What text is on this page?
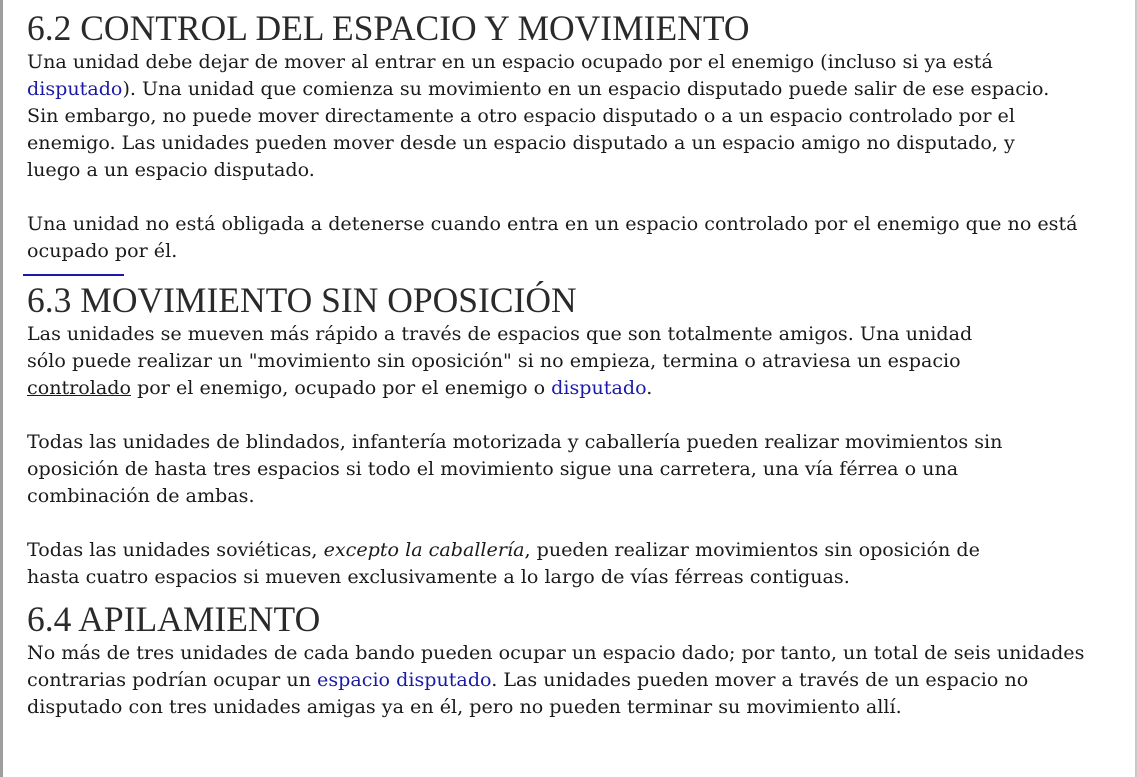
6.2 CONTROL DEL ESPACIO Y MOVIMIENTO

Una unidad debe dejar de mover al entrar en un espacio ocupado por el enemigo (incluso si ya está
disputado). Una unidad que comienza su movimiento en un espacio disputado puede salir de ese espacio.
Sin embargo, no puede mover directamente a otro espacio disputado o a un espacio controlado por el
enemigo. Las unidades pueden mover desde un espacio disputado a un espacio amigo no disputado, y
luego a un espacio disputado.

Una unidad no está obligada a detenerse cuando entra en un espacio controlado por el enemigo que no está
ocupado por él.

6.3 MOVIMIENTO SIN OPOSICIÓN

Las unidades se mueven más rápido a través de espacios que son totalmente amigos. Una unidad
sólo puede realizar un "movimiento sin oposición" si no empieza, termina o atraviesa un espacio
controlado por el enemigo, ocupado por el enemigo o disputado.

Todas las unidades de blindados, infantería motorizada y caballería pueden realizar movimientos sin
oposición de hasta tres espacios si todo el movimiento sigue una carretera, una vía férrea o una
combinación de ambas.

Todas las unidades soviéticas, excepto la caballería, pueden realizar movimientos sin oposición de
hasta cuatro espacios si mueven exclusivamente a lo largo de vías férreas contiguas.

6.4 APILAMIENTO

No más de tres unidades de cada bando pueden ocupar un espacio dado; por tanto, un total de seis unidades
contrarias podrían ocupar un espacio disputado. Las unidades pueden mover a través de un espacio no
disputado con tres unidades amigas ya en él, pero no pueden terminar su movimiento allí.
